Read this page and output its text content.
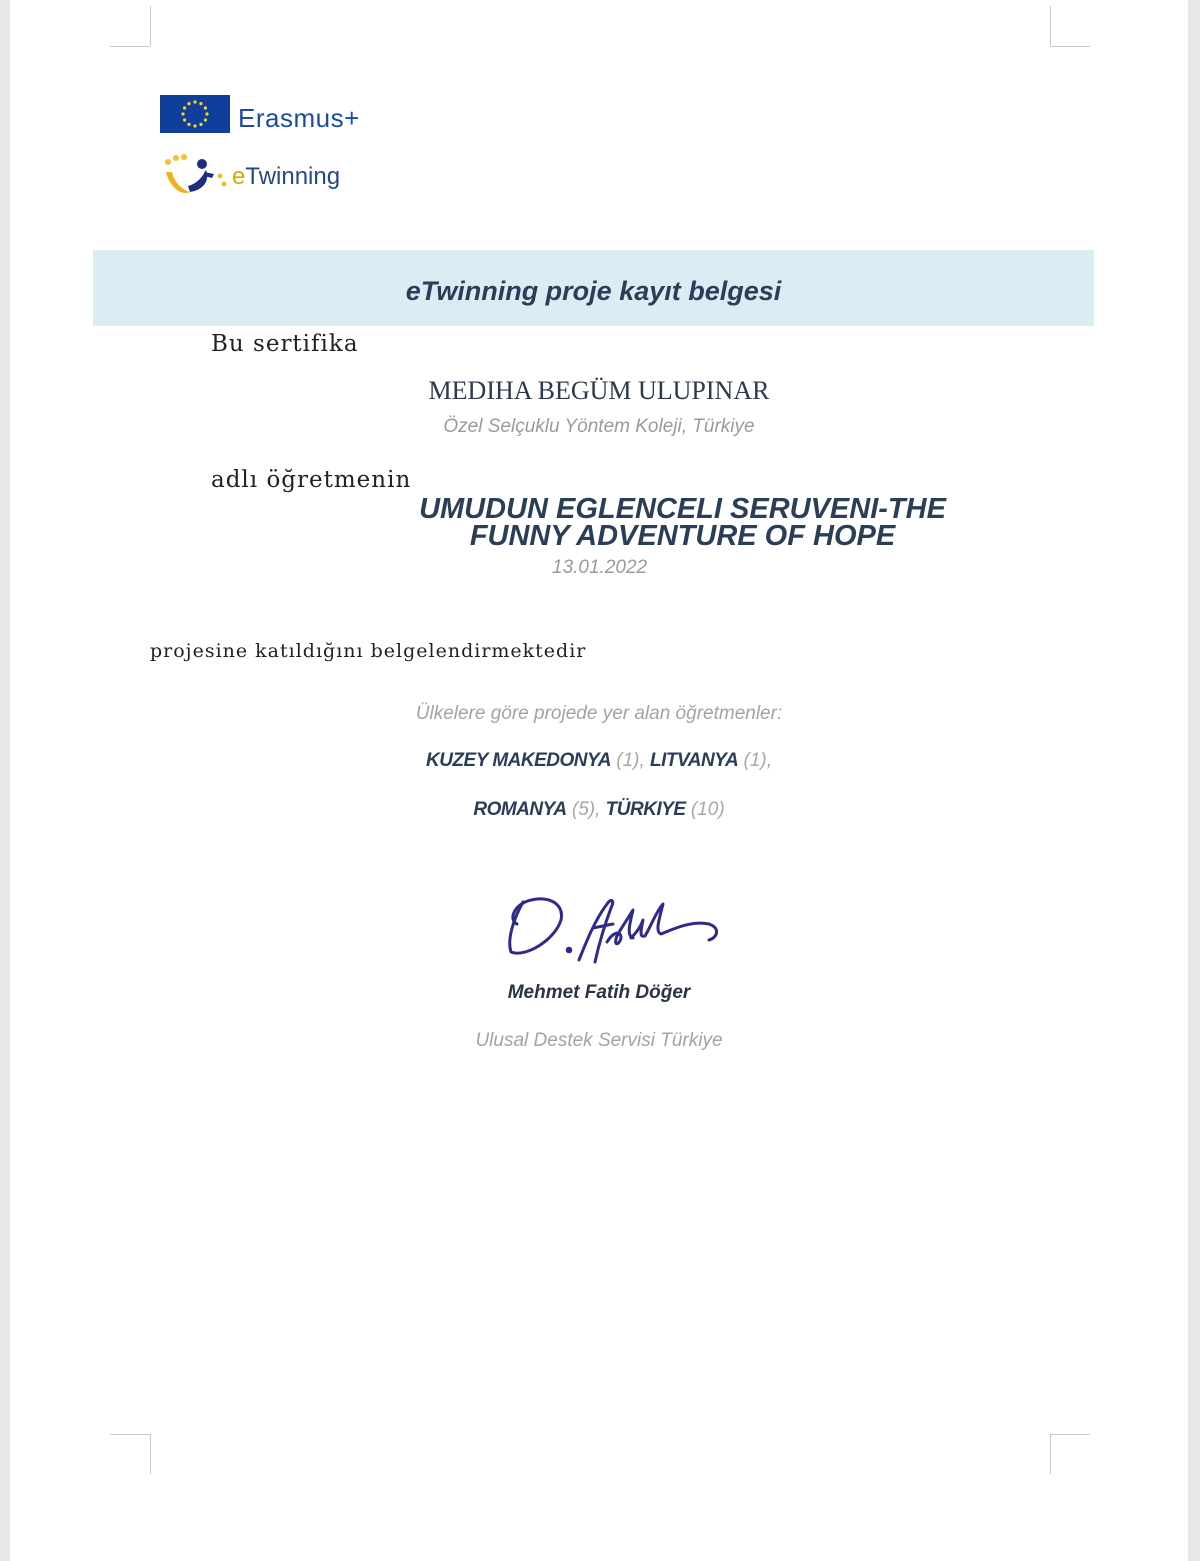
Erasmus+
eTwinning
eTwinning proje kayıt belgesi
Bu sertifika
MEDIHA BEGÜM ULUPINAR
Özel Selçuklu Yöntem Koleji, Türkiye
adlı öğretmenin
UMUDUN EGLENCELI SERUVENI-THE FUNNY ADVENTURE OF HOPE
13.01.2022
projesine katıldığını belgelendirmektedir
Ülkelere göre projede yer alan öğretmenler:
KUZEY MAKEDONYA (1), LITVANYA (1),
ROMANYA (5), TÜRKIYE (10)
Mehmet Fatih Döğer
Ulusal Destek Servisi Türkiye
